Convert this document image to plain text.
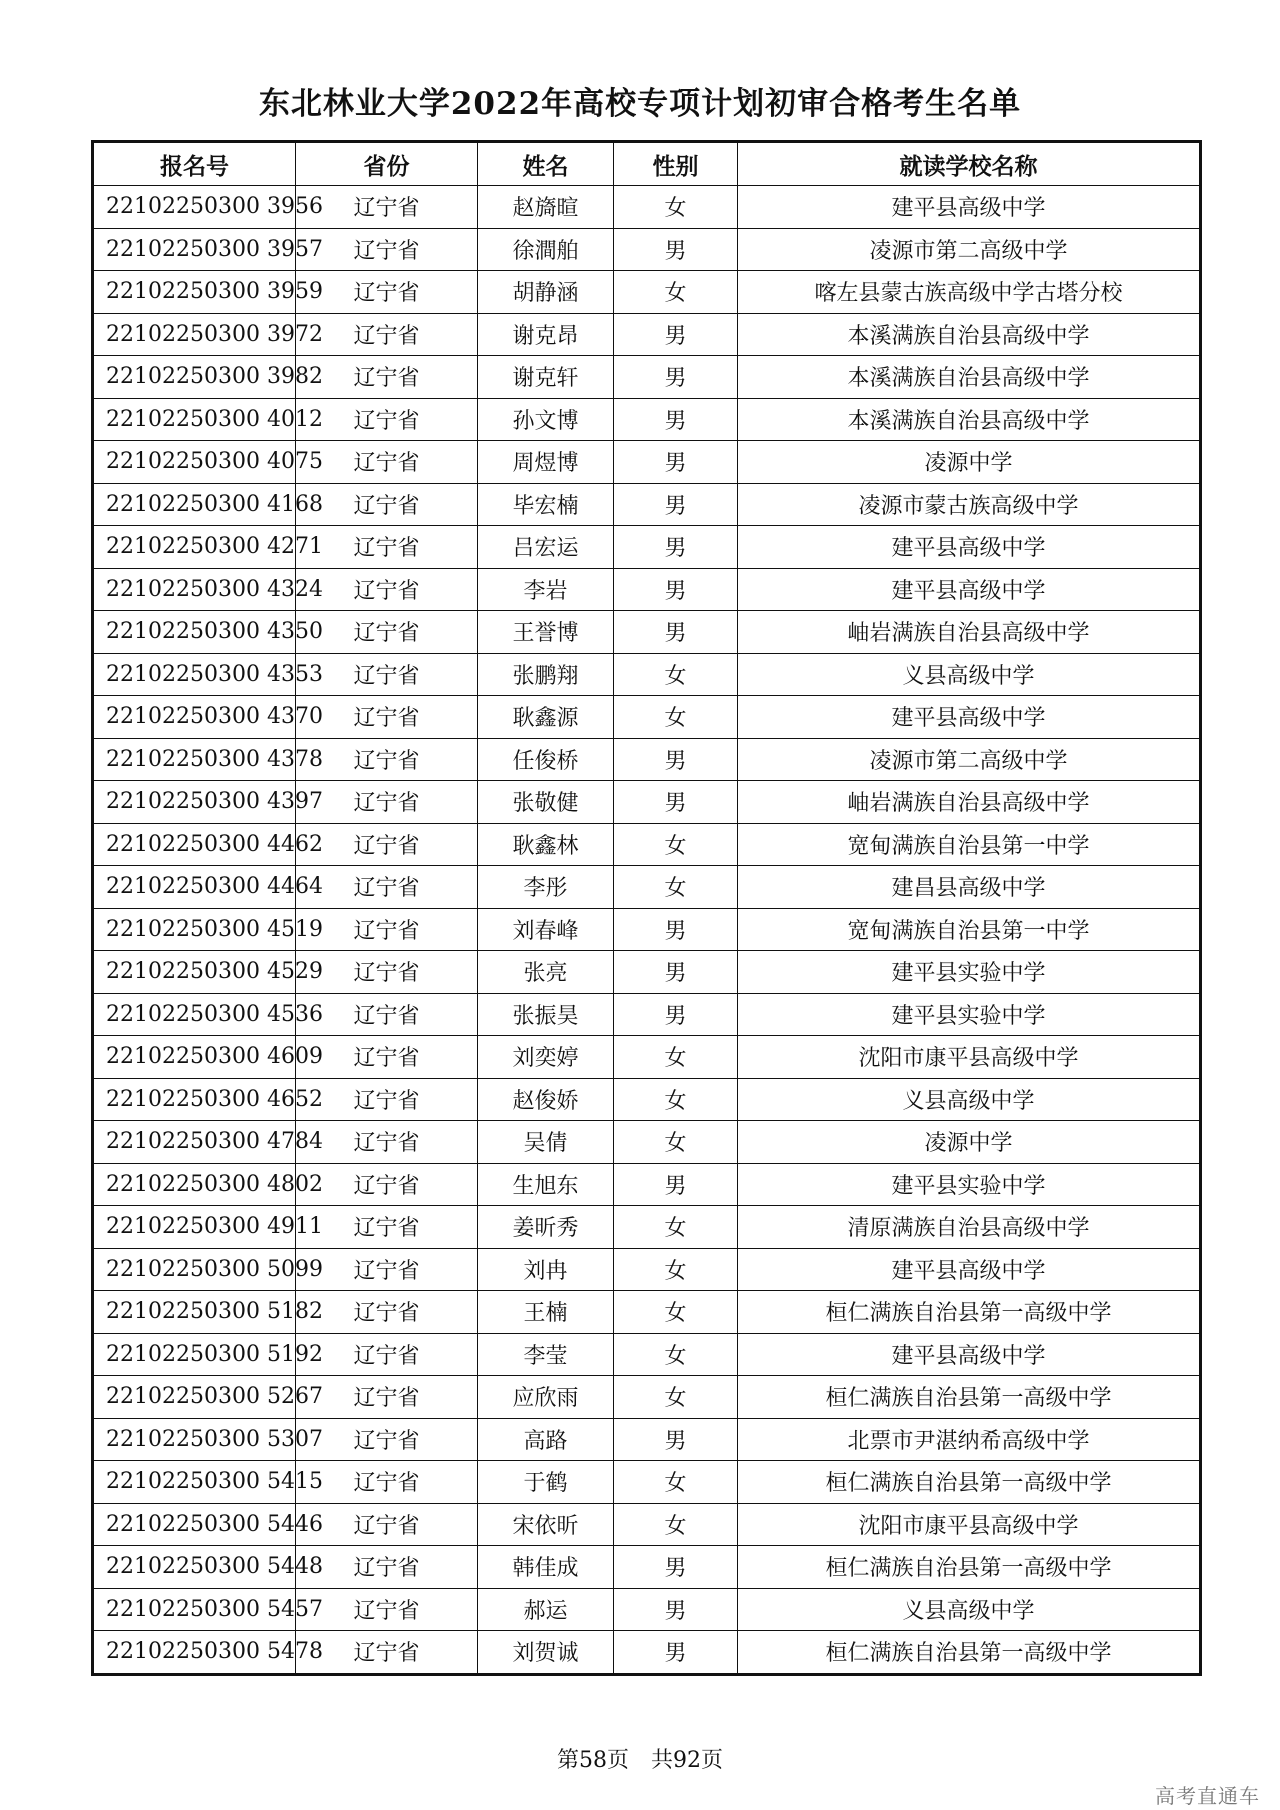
东北林业大学2022年高校专项计划初审合格考生名单
报名号	省份	姓名	性别	就读学校名称
22102250300 3956	辽宁省	赵旖暄	女	建平县高级中学
22102250300 3957	辽宁省	徐澗舶	男	凌源市第二高级中学
22102250300 3959	辽宁省	胡静涵	女	喀左县蒙古族高级中学古塔分校
22102250300 3972	辽宁省	谢克昂	男	本溪满族自治县高级中学
22102250300 3982	辽宁省	谢克轩	男	本溪满族自治县高级中学
22102250300 4012	辽宁省	孙文博	男	本溪满族自治县高级中学
22102250300 4075	辽宁省	周煜博	男	凌源中学
22102250300 4168	辽宁省	毕宏楠	男	凌源市蒙古族高级中学
22102250300 4271	辽宁省	吕宏运	男	建平县高级中学
22102250300 4324	辽宁省	李岩	男	建平县高级中学
22102250300 4350	辽宁省	王誉博	男	岫岩满族自治县高级中学
22102250300 4353	辽宁省	张鹏翔	女	义县高级中学
22102250300 4370	辽宁省	耿鑫源	女	建平县高级中学
22102250300 4378	辽宁省	任俊桥	男	凌源市第二高级中学
22102250300 4397	辽宁省	张敬健	男	岫岩满族自治县高级中学
22102250300 4462	辽宁省	耿鑫林	女	宽甸满族自治县第一中学
22102250300 4464	辽宁省	李彤	女	建昌县高级中学
22102250300 4519	辽宁省	刘春峰	男	宽甸满族自治县第一中学
22102250300 4529	辽宁省	张亮	男	建平县实验中学
22102250300 4536	辽宁省	张振昊	男	建平县实验中学
22102250300 4609	辽宁省	刘奕婷	女	沈阳市康平县高级中学
22102250300 4652	辽宁省	赵俊娇	女	义县高级中学
22102250300 4784	辽宁省	吴倩	女	凌源中学
22102250300 4802	辽宁省	生旭东	男	建平县实验中学
22102250300 4911	辽宁省	姜昕秀	女	清原满族自治县高级中学
22102250300 5099	辽宁省	刘冉	女	建平县高级中学
22102250300 5182	辽宁省	王楠	女	桓仁满族自治县第一高级中学
22102250300 5192	辽宁省	李莹	女	建平县高级中学
22102250300 5267	辽宁省	应欣雨	女	桓仁满族自治县第一高级中学
22102250300 5307	辽宁省	高路	男	北票市尹湛纳希高级中学
22102250300 5415	辽宁省	于鹤	女	桓仁满族自治县第一高级中学
22102250300 5446	辽宁省	宋依昕	女	沈阳市康平县高级中学
22102250300 5448	辽宁省	韩佳成	男	桓仁满族自治县第一高级中学
22102250300 5457	辽宁省	郝运	男	义县高级中学
22102250300 5478	辽宁省	刘贺诚	男	桓仁满族自治县第一高级中学
第58页 共92页
高考直通车
